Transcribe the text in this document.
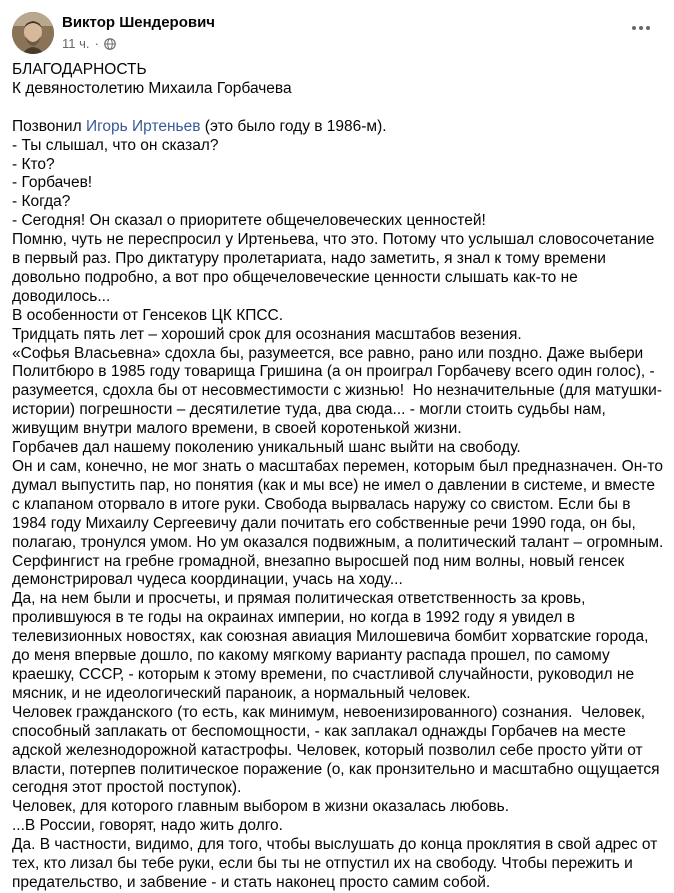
Виктор Шендерович
11 ч. ·

БЛАГОДАРНОСТЬ

К девяностолетию Михаила Горбачева

Позвонил Игорь Иртеньев (это было году в 1986-м).

- Ты слышал, что он сказал?

- Кто?

- Горбачев!

- Когда?

- Сегодня! Он сказал о приоритете общечеловеческих ценностей!

Помню, чуть не переспросил у Иртеньева, что это. Потому что услышал словосочетание в первый раз. Про диктатуру пролетариата, надо заметить, я знал к тому времени довольно подробно, а вот про общечеловеческие ценности слышать как-то не доводилось...

В особенности от Генсеков ЦК КПСС.

Тридцать пять лет – хороший срок для осознания масштабов везения.

«Софья Власьевна» сдохла бы, разумеется, все равно, рано или поздно. Даже выбери Политбюро в 1985 году товарища Гришина (а он проиграл Горбачеву всего один голос), - разумеется, сдохла бы от несовместимости с жизнью!  Но незначительные (для матушки-истории) погрешности – десятилетие туда, два сюда... - могли стоить судьбы нам, живущим внутри малого времени, в своей коротенькой жизни.

Горбачев дал нашему поколению уникальный шанс выйти на свободу.

Он и сам, конечно, не мог знать о масштабах перемен, которым был предназначен. Он-то думал выпустить пар, но понятия (как и мы все) не имел о давлении в системе, и вместе с клапаном оторвало в итоге руки. Свобода вырвалась наружу со свистом. Если бы в 1984 году Михаилу Сергеевичу дали почитать его собственные речи 1990 года, он бы, полагаю, тронулся умом. Но ум оказался подвижным, а политический талант – огромным. Серфингист на гребне громадной, внезапно выросшей под ним волны, новый генсек демонстрировал чудеса координации, учась на ходу...

Да, на нем были и просчеты, и прямая политическая ответственность за кровь, пролившуюся в те годы на окраинах империи, но когда в 1992 году я увидел в телевизионных новостях, как союзная авиация Милошевича бомбит хорватские города, до меня впервые дошло, по какому мягкому варианту распада прошел, по самому краешку, СССР, - которым к этому времени, по счастливой случайности, руководил не мясник, и не идеологический параноик, а нормальный человек.

Человек гражданского (то есть, как минимум, невоенизированного) сознания.  Человек, способный заплакать от беспомощности, - как заплакал однажды Горбачев на месте адской железнодорожной катастрофы. Человек, который позволил себе просто уйти от власти, потерпев политическое поражение (о, как пронзительно и масштабно ощущается сегодня этот простой поступок).

Человек, для которого главным выбором в жизни оказалась любовь.

...В России, говорят, надо жить долго.

Да. В частности, видимо, для того, чтобы выслушать до конца проклятия в свой адрес от тех, кто лизал бы тебе руки, если бы ты не отпустил их на свободу. Чтобы пережить и предательство, и забвение - и стать наконец просто самим собой.
